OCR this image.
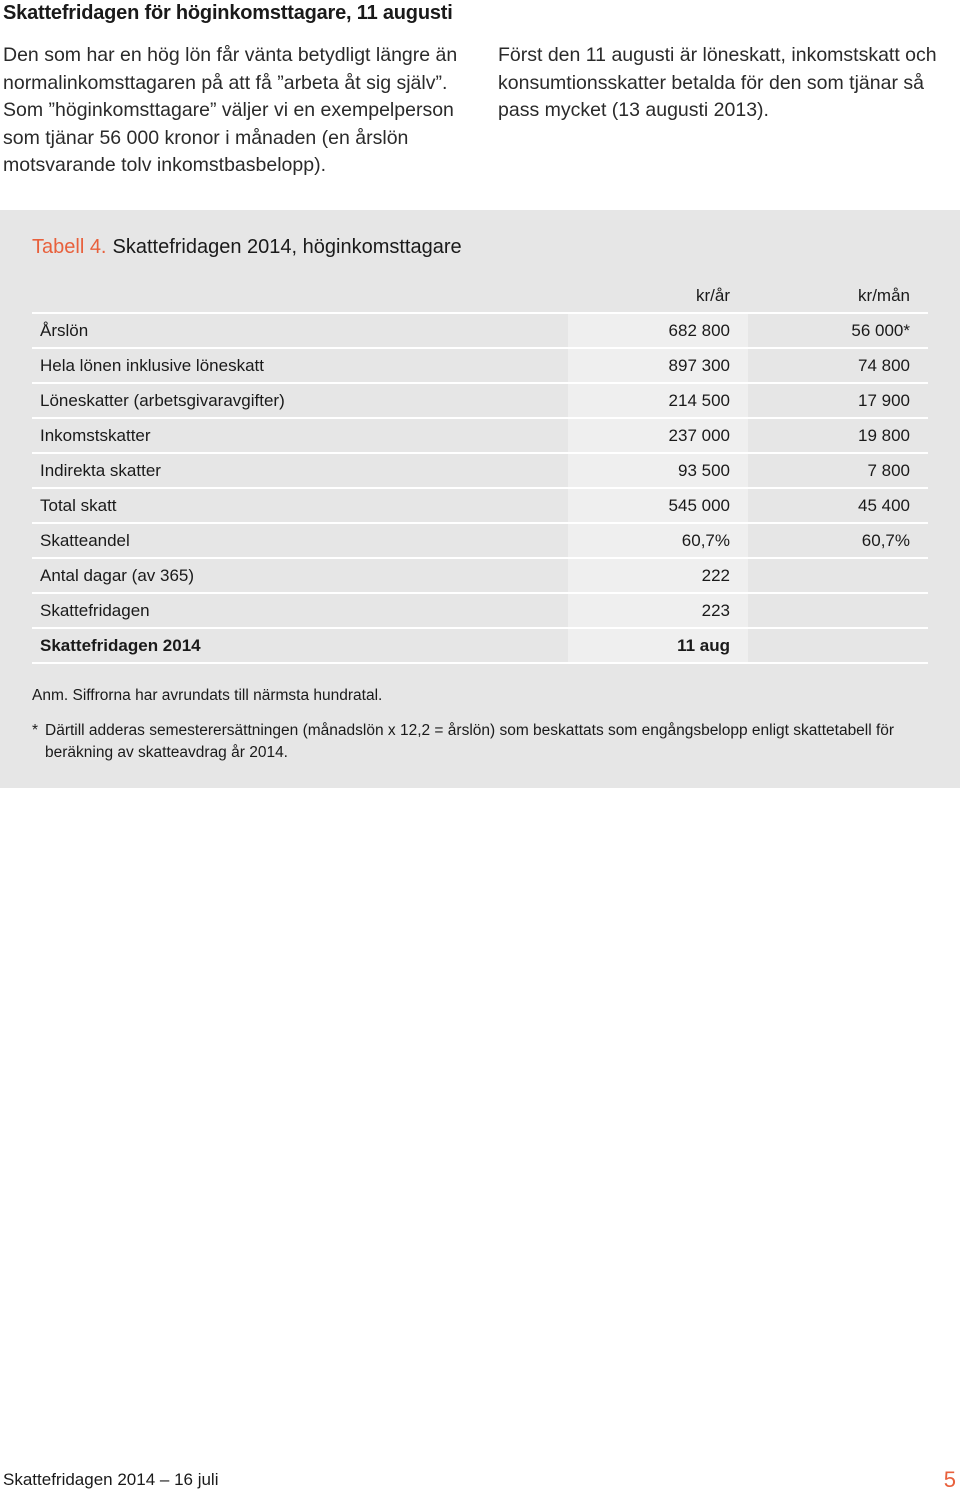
Skattefridagen för höginkomsttagare, 11 augusti

Den som har en hög lön får vänta betydligt längre än normalinkomsttagaren på att få ”arbeta åt sig själv”. Som ”höginkomsttagare” väljer vi en exempelperson som tjänar 56 000 kronor i månaden (en årslön motsvarande tolv inkomstbasbelopp).

Först den 11 augusti är löneskatt, inkomstskatt och konsumtionsskatter betalda för den som tjänar så pass mycket (13 augusti 2013).

Tabell 4. Skattefridagen 2014, höginkomsttagare
	kr/år	kr/mån
Årslön	682 800	56 000*
Hela lönen inklusive löneskatt	897 300	74 800
Löneskatter (arbetsgivaravgifter)	214 500	17 900
Inkomstskatter	237 000	19 800
Indirekta skatter	93 500	7 800
Total skatt	545 000	45 400
Skatteandel	60,7%	60,7%
Antal dagar (av 365)	222	
Skattefridagen	223	
Skattefridagen 2014	11 aug	
Anm. Siffrorna har avrundats till närmsta hundratal.
* Därtill adderas semesterersättningen (månadslön x 12,2 = årslön) som beskattats som engångsbelopp enligt skattetabell för beräkning av skatteavdrag år 2014.
Skattefridagen 2014 – 16 juli	5
